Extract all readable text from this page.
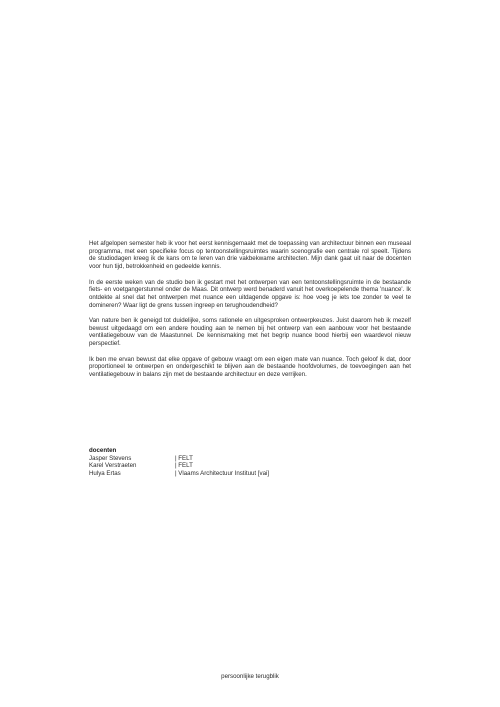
Het afgelopen semester heb ik voor het eerst kennisgemaakt met de toepassing van architectuur binnen een museaal programma, met een specifieke focus op tentoonstellingsruimtes waarin scenografie een centrale rol speelt. Tijdens de studiodagen kreeg ik de kans om te leren van drie vakbekwame architecten. Mijn dank gaat uit naar de docenten voor hun tijd, betrokkenheid en gedeelde kennis.

In de eerste weken van de studio ben ik gestart met het ontwerpen van een tentoonstellingsruimte in de bestaande fiets- en voetgangerstunnel onder de Maas. Dit ontwerp werd benaderd vanuit het overkoepelende thema 'nuance'. Ik ontdekte al snel dat het ontwerpen met nuance een uitdagende opgave is: hoe voeg je iets toe zonder te veel te domineren? Waar ligt de grens tussen ingreep en terughoudendheid?

Van nature ben ik geneigd tot duidelijke, soms rationele en uitgesproken ontwerpkeuzes. Juist daarom heb ik mezelf bewust uitgedaagd om een andere houding aan te nemen bij het ontwerp van een aanbouw voor het bestaande ventilatiegebouw van de Maastunnel. De kennismaking met het begrip nuance bood hierbij een waardevol nieuw perspectief.

Ik ben me ervan bewust dat elke opgave of gebouw vraagt om een eigen mate van nuance. Toch geloof ik dat, door proportioneel te ontwerpen en ondergeschikt te blijven aan de bestaande hoofdvolumes, de toevoegingen aan het ventilatiegebouw in balans zijn met de bestaande architectuur en deze verrijken.

docenten
Jasper Stevens	| FELT
Karel Verstraeten	| FELT
Hulya Ertas	| Vlaams Architectuur Instituut [vai]
persoonlijke terugblik
